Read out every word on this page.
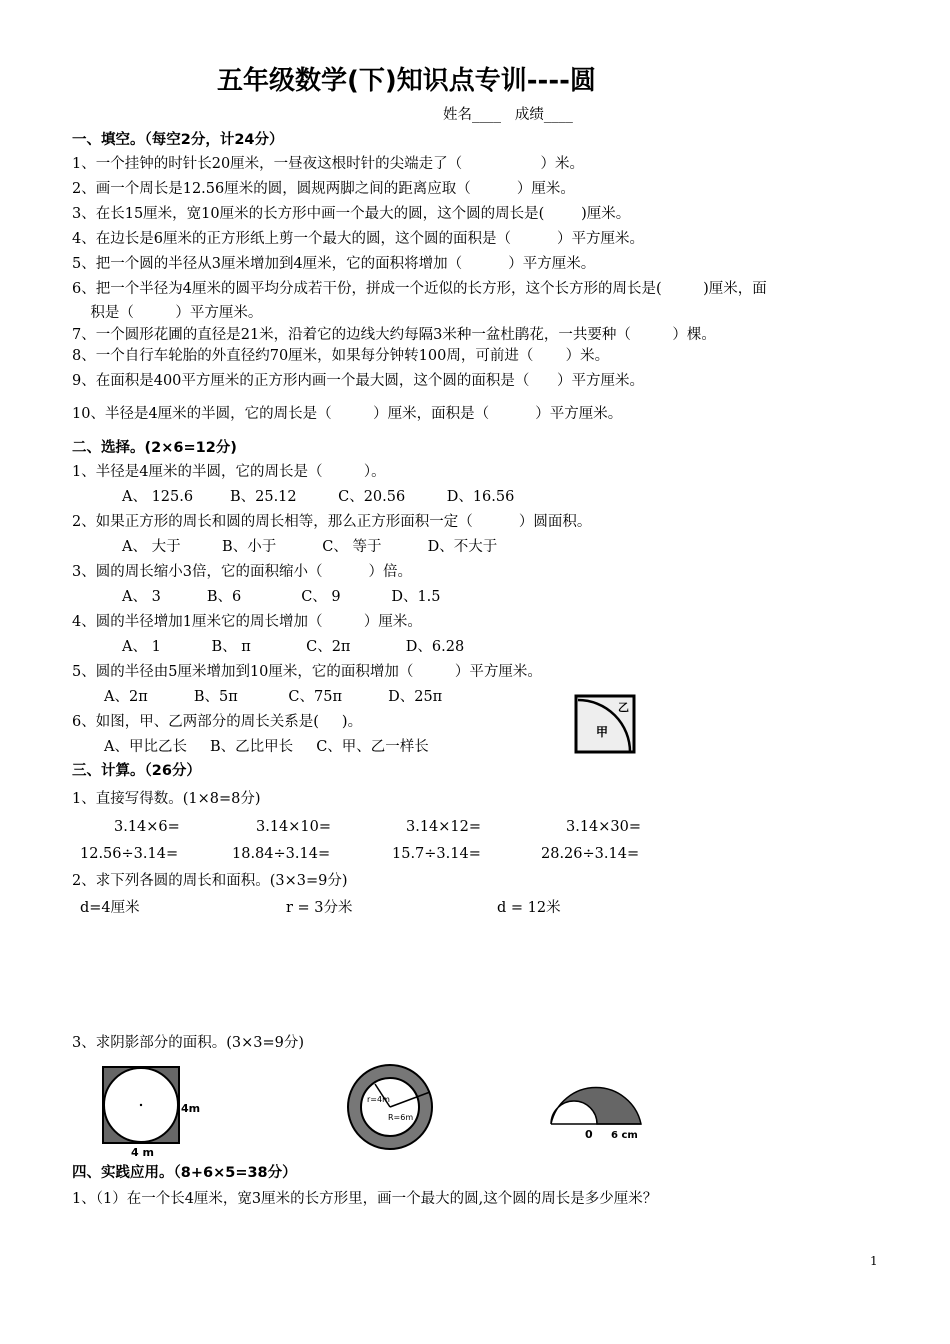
五年级数学(下)知识点专训----圆
姓名____   成绩____
一、填空。（每空2分，计24分）
1、一个挂钟的时针长20厘米，一昼夜这根时针的尖端走了（                 ）米。
2、画一个周长是12.56厘米的圆，圆规两脚之间的距离应取（          ）厘米。
3、在长15厘米，宽10厘米的长方形中画一个最大的圆，这个圆的周长是(        )厘米。
4、在边长是6厘米的正方形纸上剪一个最大的圆，这个圆的面积是（          ）平方厘米。
5、把一个圆的半径从3厘米增加到4厘米，它的面积将增加（          ）平方厘米。
6、把一个半径为4厘米的圆平均分成若干份，拼成一个近似的长方形，这个长方形的周长是(         )厘米，面
积是（         ）平方厘米。
7、一个圆形花圃的直径是21米，沿着它的边线大约每隔3米种一盆杜鹃花，一共要种（         ）棵。
8、一个自行车轮胎的外直径约70厘米，如果每分钟转100周，可前进（       ）米。
9、在面积是400平方厘米的正方形内画一个最大圆，这个圆的面积是（      ）平方厘米。
10、半径是4厘米的半圆，它的周长是（         ）厘米，面积是（          ）平方厘米。
二、选择。(2×6=12分)
1、半径是4厘米的半圆，它的周长是（         ）。
A、 125.6        B、25.12         C、20.56         D、16.56
2、如果正方形的周长和圆的周长相等，那么正方形面积一定（          ）圆面积。
A、 大于         B、小于          C、 等于          D、不大于
3、圆的周长缩小3倍，它的面积缩小（          ）倍。
A、 3          B、6             C、 9           D、1.5
4、圆的半径增加1厘米它的周长增加（         ）厘米。
A、 1           B、 π            C、2π            D、6.28
5、圆的半径由5厘米增加到10厘米，它的面积增加（         ）平方厘米。
A、2π          B、5π           C、75π          D、25π
6、如图，甲、乙两部分的周长关系是(     )。
A、甲比乙长     B、乙比甲长     C、甲、乙一样长
甲
乙
三、计算。（26分）
1、直接写得数。(1×8=8分)
3.14×6=	3.14×10=	3.14×12=	3.14×30=
12.56÷3.14=	18.84÷3.14=	15.7÷3.14=	28.26÷3.14=
2、求下列各圆的周长和面积。(3×3=9分)
d=4厘米	r = 3分米	d = 12米
3、求阴影部分的面积。(3×3=9分)
4m
4 m
r=4m
R=6m
0 6 cm
四、实践应用。（8+6×5=38分）
1、（1）在一个长4厘米，宽3厘米的长方形里，画一个最大的圆,这个圆的周长是多少厘米？
1
